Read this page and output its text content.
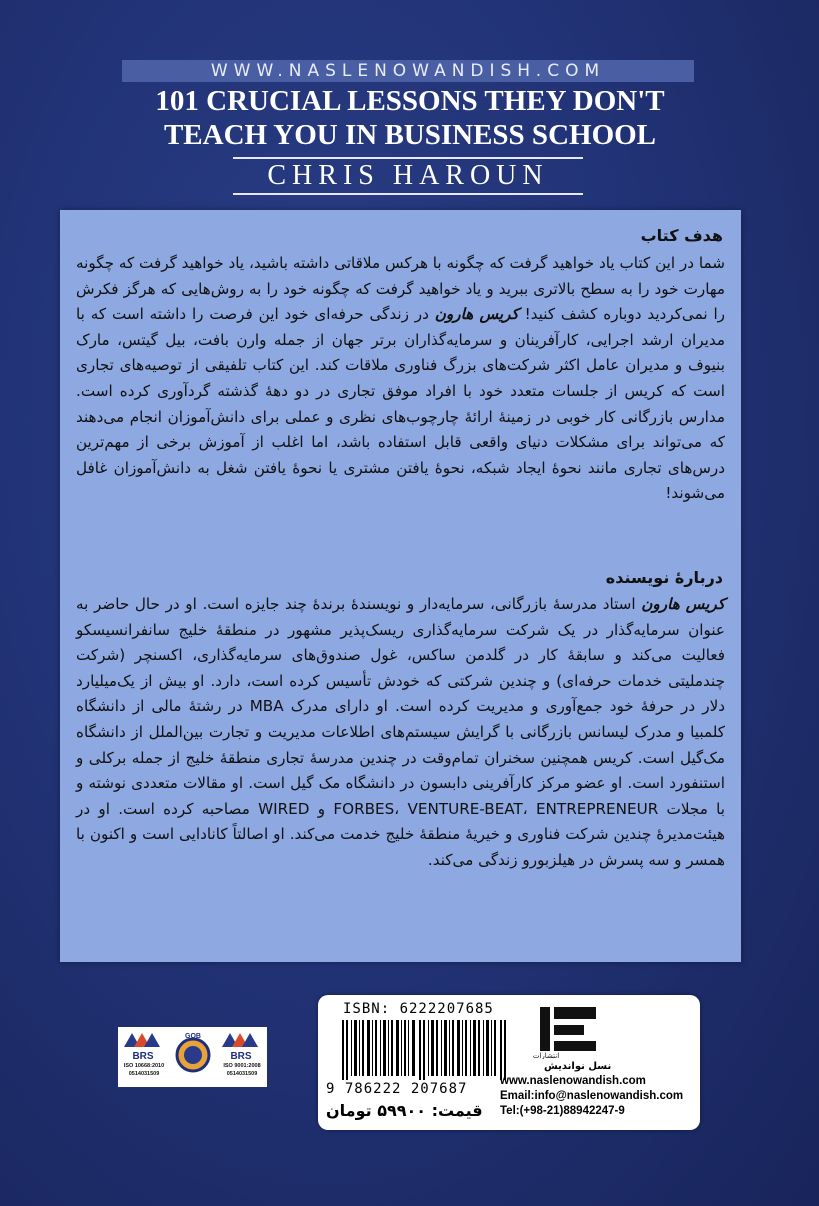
WWW.NASLENOWANDISH.COM
101 CRUCIAL LESSONS THEY DON'T
TEACH YOU IN BUSINESS SCHOOL
CHRIS HAROUN
هدف کتاب
شما در این کتاب یاد خواهید گرفت که چگونه با هرکس ملاقاتی داشته باشید، یاد خواهید گرفت که چگونه مهارت خود را به سطح بالاتری ببرید و یاد خواهید گرفت که چگونه خود را به روش‌هایی که هرگز فکرش را نمی‌کردید دوباره کشف کنید! کریس هارون در زندگی حرفه‌ای خود این فرصت را داشته است که با مدیران ارشد اجرایی، کارآفرینان و سرمایه‌گذاران برتر جهان از جمله وارن بافت، بیل گیتس، مارک بنیوف و مدیران عامل اکثر شرکت‌های بزرگ فناوری ملاقات کند. این کتاب تلفیقی از توصیه‌های تجاری است که کریس از جلسات متعدد خود با افراد موفق تجاری در دو دهۀ گذشته گردآوری کرده است. مدارس بازرگانی کار خوبی در زمینۀ ارائۀ چارچوب‌های نظری و عملی برای دانش‌آموزان انجام می‌دهند که می‌تواند برای مشکلات دنیای واقعی قابل استفاده باشد، اما اغلب از آموزش برخی از مهم‌ترین درس‌های تجاری مانند نحوۀ ایجاد شبکه، نحوۀ یافتن مشتری یا نحوۀ یافتن شغل به دانش‌آموزان غافل می‌شوند!
دربارۀ نویسنده
کریس هارون استاد مدرسۀ بازرگانی، سرمایه‌دار و نویسندۀ برندۀ چند جایزه است. او در حال حاضر به عنوان سرمایه‌گذار در یک شرکت سرمایه‌گذاری ریسک‌پذیر مشهور در منطقۀ خلیج سانفرانسیسکو فعالیت می‌کند و سابقۀ کار در گلدمن ساکس، غول صندوق‌های سرمایه‌گذاری، اکسنچر (شرکت چندملیتی خدمات حرفه‌ای) و چندین شرکتی که خودش تأسیس کرده است، دارد. او بیش از یک‌میلیارد دلار در حرفۀ خود جمع‌آوری و مدیریت کرده است. او دارای مدرک MBA در رشتۀ مالی از دانشگاه کلمبیا و مدرک لیسانس بازرگانی با گرایش سیستم‌های اطلاعات مدیریت و تجارت بین‌الملل از دانشگاه مک‌گیل است. کریس همچنین سخنران تمام‌وقت در چندین مدرسۀ تجاری منطقۀ خلیج از جمله برکلی و استنفورد است. او عضو مرکز کارآفرینی دابسون در دانشگاه مک گیل است. او مقالات متعددی نوشته و با مجلات FORBES، VENTURE-BEAT، ENTREPRENEUR و WIRED مصاحبه کرده است. او در هیئت‌مدیرۀ چندین شرکت فناوری و خیریۀ منطقۀ خلیج خدمت می‌کند. او اصالتاً کانادایی است و اکنون با همسر و سه پسرش در هیلزبورو زندگی می‌کند.
BRS
ISO 10668:2010
0514031509
GOB
BRS
ISO 9001:2008
0514031509
ISBN: 6222207685
9 786222 207687
قیمت: ۵۹۹۰۰ تومان
انتشارات
نسل نواندیش
www.naslenowandish.com
Email:info@naslenowandish.com
Tel:(+98-21)88942247-9
